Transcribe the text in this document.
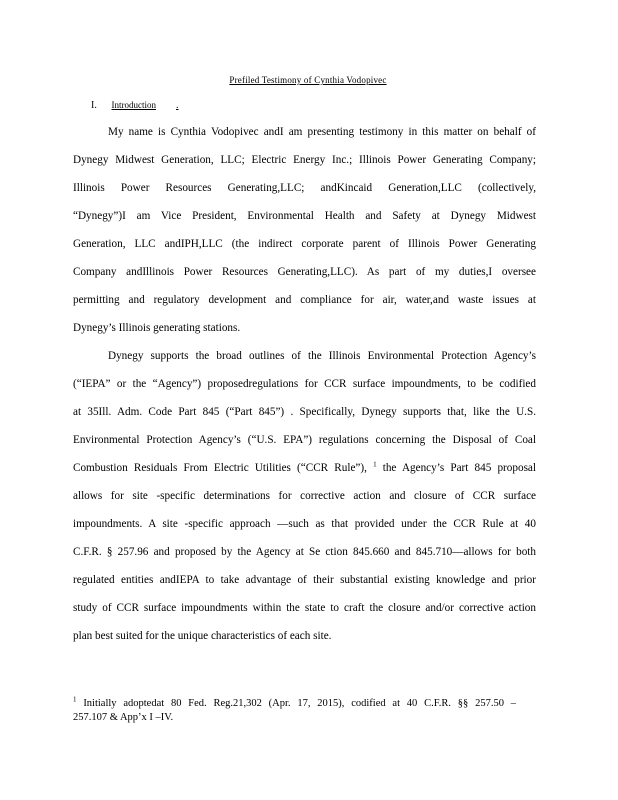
Prefiled Testimony of Cynthia Vodopivec
I. Introduction .
My name is Cynthia Vodopivec andI am presenting testimony in this matter on behalf of
Dynegy Midwest Generation, LLC; Electric Energy Inc.; Illinois Power Generating Company;
Illinois Power Resources Generating,LLC; andKincaid Generation,LLC (collectively,
“Dynegy”)I am Vice President, Environmental Health and Safety at Dynegy Midwest
Generation, LLC andIPH,LLC (the indirect corporate parent of Illinois Power Generating
Company andIllinois Power Resources Generating,LLC). As part of my duties,I oversee
permitting and regulatory development and compliance for air, water,and waste issues at
Dynegy’s Illinois generating stations.
Dynegy supports the broad outlines of the Illinois Environmental Protection Agency’s
(“IEPA” or the “Agency”) proposedregulations for CCR surface impoundments, to be codified
at 35Ill. Adm. Code Part 845 (“Part 845”) . Specifically, Dynegy supports that, like the U.S.
Environmental Protection Agency’s (“U.S. EPA”) regulations concerning the Disposal of Coal
Combustion Residuals From Electric Utilities (“CCR Rule”), $^1$ the Agency’s Part 845 proposal
allows for site -specific determinations for corrective action and closure of CCR surface
impoundments. A site -specific approach —such as that provided under the CCR Rule at 40
C.F.R. § 257.96 and proposed by the Agency at Se ction 845.660 and 845.710—allows for both
regulated entities andIEPA to take advantage of their substantial existing knowledge and prior
study of CCR surface impoundments within the state to craft the closure and/or corrective action
plan best suited for the unique characteristics of each site.
$^1$ Initially adoptedat 80 Fed. Reg.21,302 (Apr. 17, 2015), codified at 40 C.F.R. §§ 257.50 –
257.107 & App’x I –IV.
